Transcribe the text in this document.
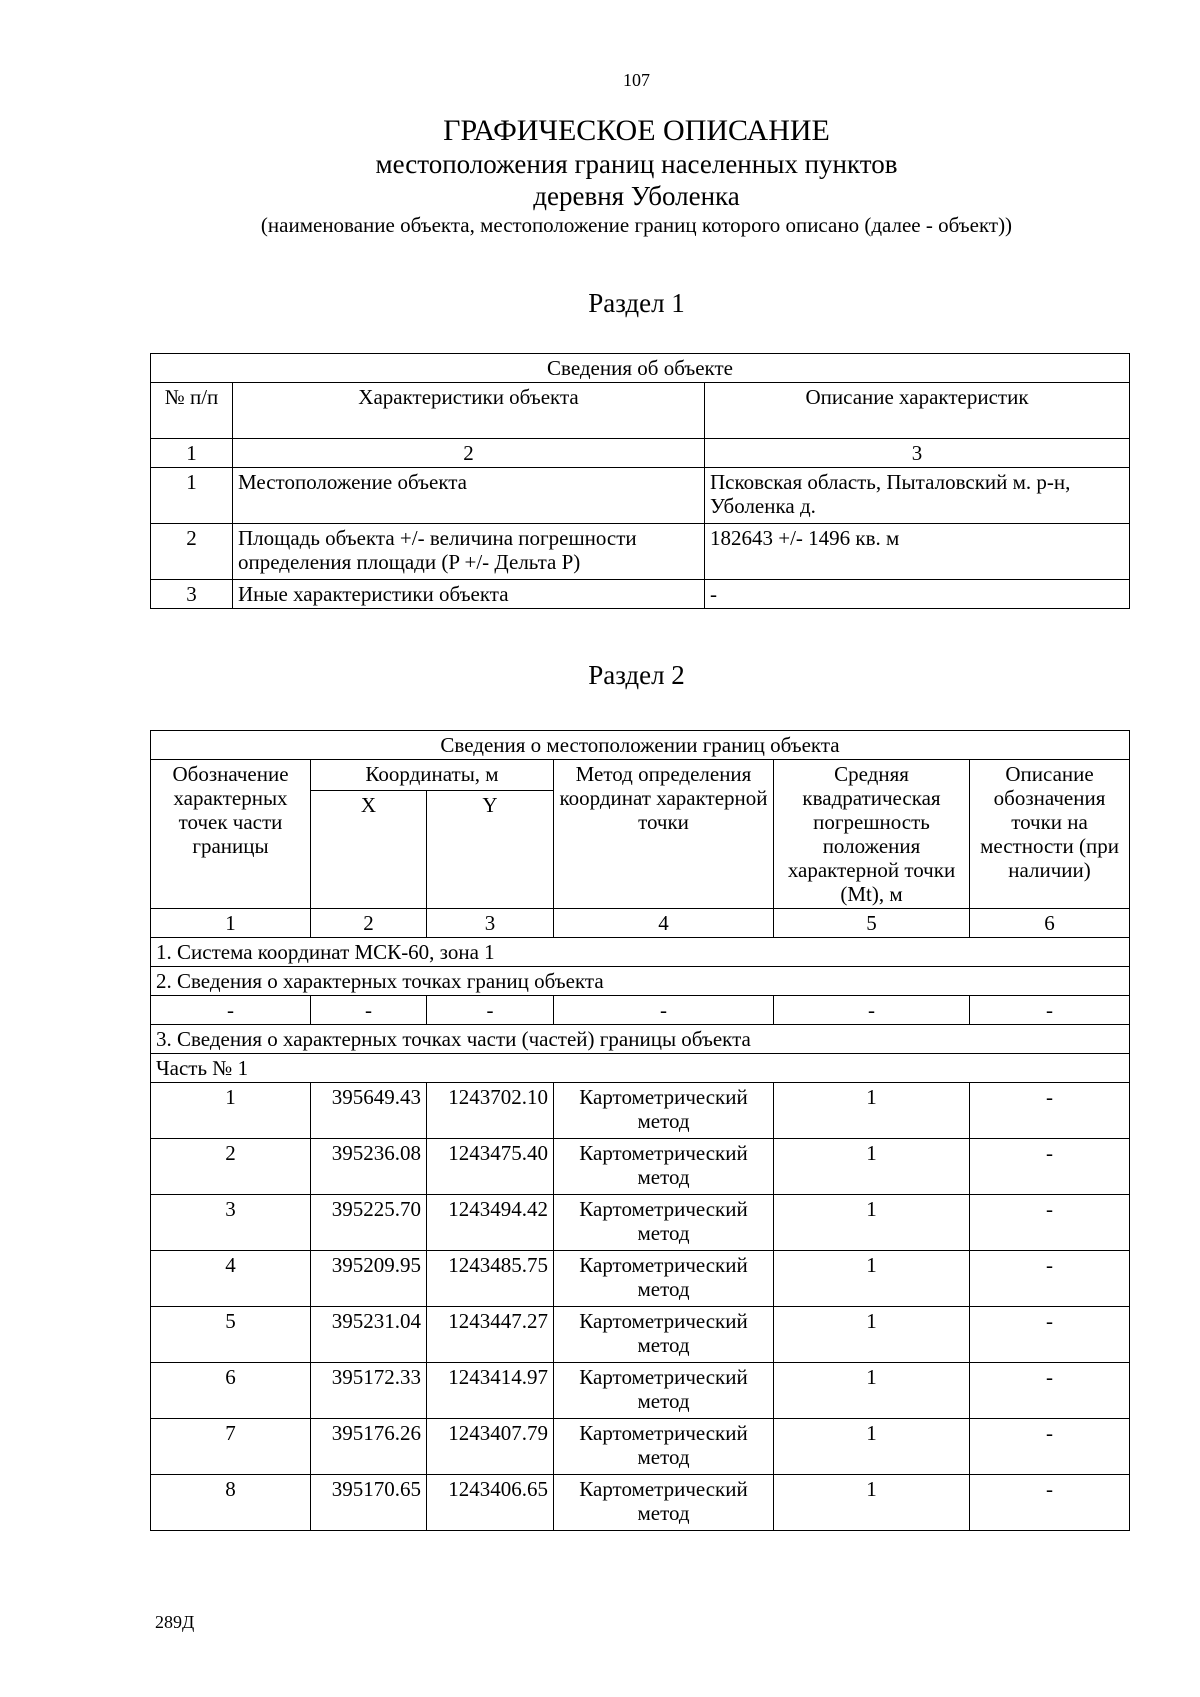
107
ГРАФИЧЕСКОЕ ОПИСАНИЕ
местоположения границ населенных пунктов
деревня Уболенка
(наименование объекта, местоположение границ которого описано (далее - объект))
Раздел 1
Сведения об объекте		
№ п/п	Характеристики объекта	Описание характеристик
1	2	3
1	Местоположение объекта	Псковская область, Пыталовский м. р-н, Уболенка д.
2	Площадь объекта +/- величина погрешности определения площади (P +/- Дельта P)	182643 +/- 1496 кв. м
3	Иные характеристики объекта	-
Раздел 2
Сведения о местоположении границ объекта					
Обозначение характерных точек части границы	Координаты, м		Метод определения координат характерной точки	Средняя квадратическая погрешность положения характерной точки (Mt), м	Описание обозначения точки на местности (при наличии)
	X	Y			
1	2	3	4	5	6
1. Система координат МСК-60, зона 1					
2. Сведения о характерных точках границ объекта					
-	-	-	-	-	-
3. Сведения о характерных точках части (частей) границы объекта					
Часть № 1					
1	395649.43	1243702.10	Картометрический метод	1	-
2	395236.08	1243475.40	Картометрический метод	1	-
3	395225.70	1243494.42	Картометрический метод	1	-
4	395209.95	1243485.75	Картометрический метод	1	-
5	395231.04	1243447.27	Картометрический метод	1	-
6	395172.33	1243414.97	Картометрический метод	1	-
7	395176.26	1243407.79	Картометрический метод	1	-
8	395170.65	1243406.65	Картометрический метод	1	-
289Д
